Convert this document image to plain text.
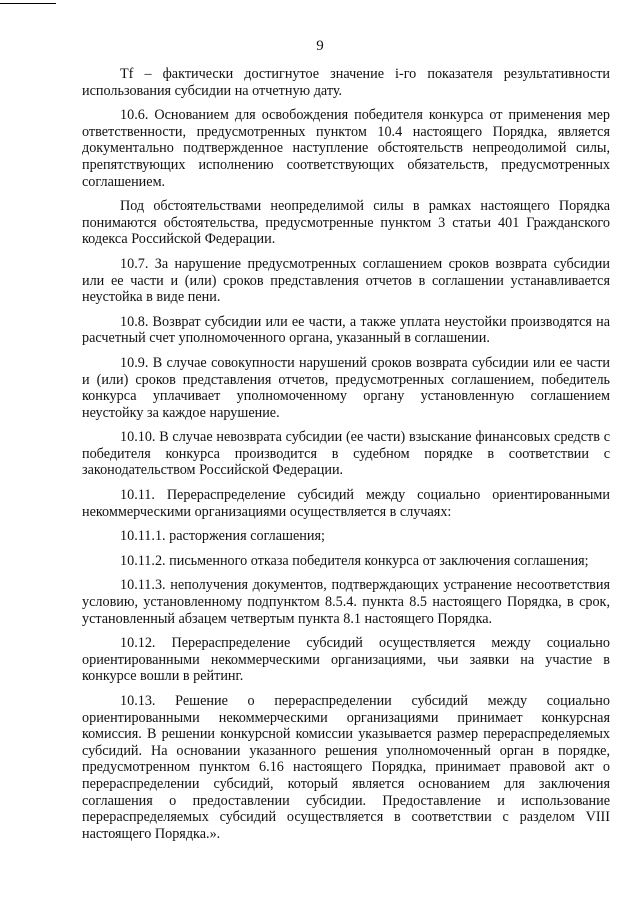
9

Tf – фактически достигнутое значение i-го показателя результативности использования субсидии на отчетную дату.

10.6. Основанием для освобождения победителя конкурса от применения мер ответственности, предусмотренных пунктом 10.4 настоящего Порядка, является документально подтвержденное наступление обстоятельств непреодолимой силы, препятствующих исполнению соответствующих обязательств, предусмотренных соглашением.

Под обстоятельствами неопределимой силы в рамках настоящего Порядка понимаются обстоятельства, предусмотренные пунктом 3 статьи 401 Гражданского кодекса Российской Федерации.

10.7. За нарушение предусмотренных соглашением сроков возврата субсидии или ее части и (или) сроков представления отчетов в соглашении устанавливается неустойка в виде пени.

10.8. Возврат субсидии или ее части, а также уплата неустойки производятся на расчетный счет уполномоченного органа, указанный в соглашении.

10.9. В случае совокупности нарушений сроков возврата субсидии или ее части и (или) сроков представления отчетов, предусмотренных соглашением, победитель конкурса уплачивает уполномоченному органу установленную соглашением неустойку за каждое нарушение.

10.10. В случае невозврата субсидии (ее части) взыскание финансовых средств с победителя конкурса производится в судебном порядке в соответствии с законодательством Российской Федерации.

10.11. Перераспределение субсидий между социально ориентированными некоммерческими организациями осуществляется в случаях:

10.11.1. расторжения соглашения;

10.11.2. письменного отказа победителя конкурса от заключения соглашения;

10.11.3. неполучения документов, подтверждающих устранение несоответствия условию, установленному подпунктом 8.5.4. пункта 8.5 настоящего Порядка, в срок, установленный абзацем четвертым пункта 8.1 настоящего Порядка.

10.12. Перераспределение субсидий осуществляется между социально ориентированными некоммерческими организациями, чьи заявки на участие в конкурсе вошли в рейтинг.

10.13. Решение о перераспределении субсидий между социально ориентированными некоммерческими организациями принимает конкурсная комиссия. В решении конкурсной комиссии указывается размер перераспределяемых субсидий. На основании указанного решения уполномоченный орган в порядке, предусмотренном пунктом 6.16 настоящего Порядка, принимает правовой акт о перераспределении субсидий, который является основанием для заключения соглашения о предоставлении субсидии. Предоставление и использование перераспределяемых субсидий осуществляется в соответствии с разделом VIII настоящего Порядка.».
